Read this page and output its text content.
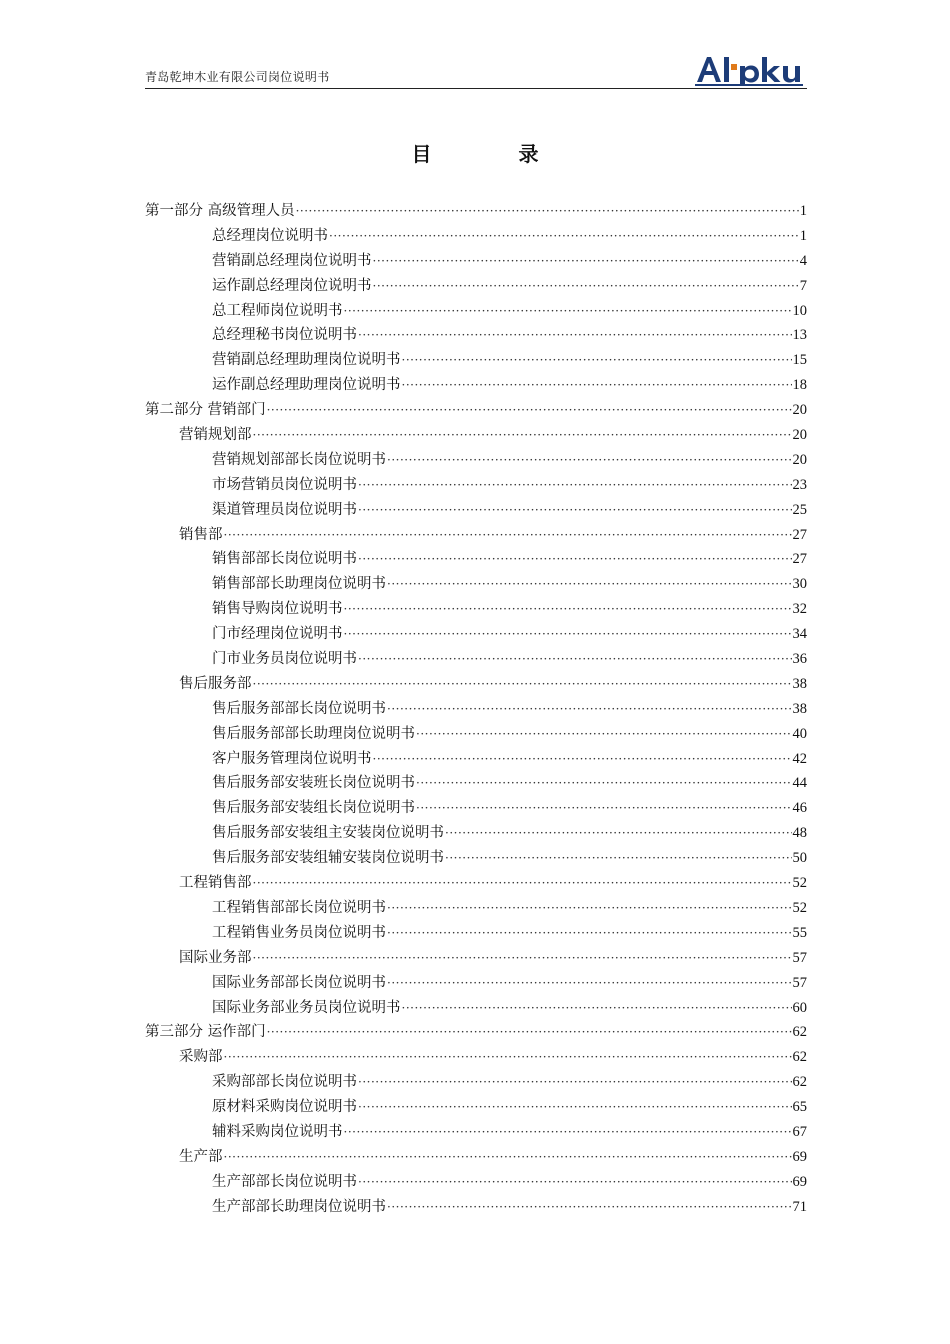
青岛乾坤木业有限公司岗位说明书
目 录
第一部分 高级管理人员 ·····	1
总经理岗位说明书 ·····	1
营销副总经理岗位说明书 ·····	4
运作副总经理岗位说明书 ·····	7
总工程师岗位说明书 ·····	10
总经理秘书岗位说明书 ·····	13
营销副总经理助理岗位说明书 ·····	15
运作副总经理助理岗位说明书 ·····	18
第二部分 营销部门 ·····	20
营销规划部 ·····	20
营销规划部部长岗位说明书 ·····	20
市场营销员岗位说明书 ·····	23
渠道管理员岗位说明书 ·····	25
销售部 ·····	27
销售部部长岗位说明书 ·····	27
销售部部长助理岗位说明书 ·····	30
销售导购岗位说明书 ·····	32
门市经理岗位说明书 ·····	34
门市业务员岗位说明书 ·····	36
售后服务部 ·····	38
售后服务部部长岗位说明书 ·····	38
售后服务部部长助理岗位说明书 ·····	40
客户服务管理岗位说明书 ·····	42
售后服务部安装班长岗位说明书 ·····	44
售后服务部安装组长岗位说明书 ·····	46
售后服务部安装组主安装岗位说明书 ·····	48
售后服务部安装组辅安装岗位说明书 ·····	50
工程销售部 ·····	52
工程销售部部长岗位说明书 ·····	52
工程销售业务员岗位说明书 ·····	55
国际业务部 ·····	57
国际业务部部长岗位说明书 ·····	57
国际业务部业务员岗位说明书 ·····	60
第三部分 运作部门 ·····	62
采购部 ·····	62
采购部部长岗位说明书 ·····	62
原材料采购岗位说明书 ·····	65
辅料采购岗位说明书 ·····	67
生产部 ·····	69
生产部部长岗位说明书 ·····	69
生产部部长助理岗位说明书 ·····	71
